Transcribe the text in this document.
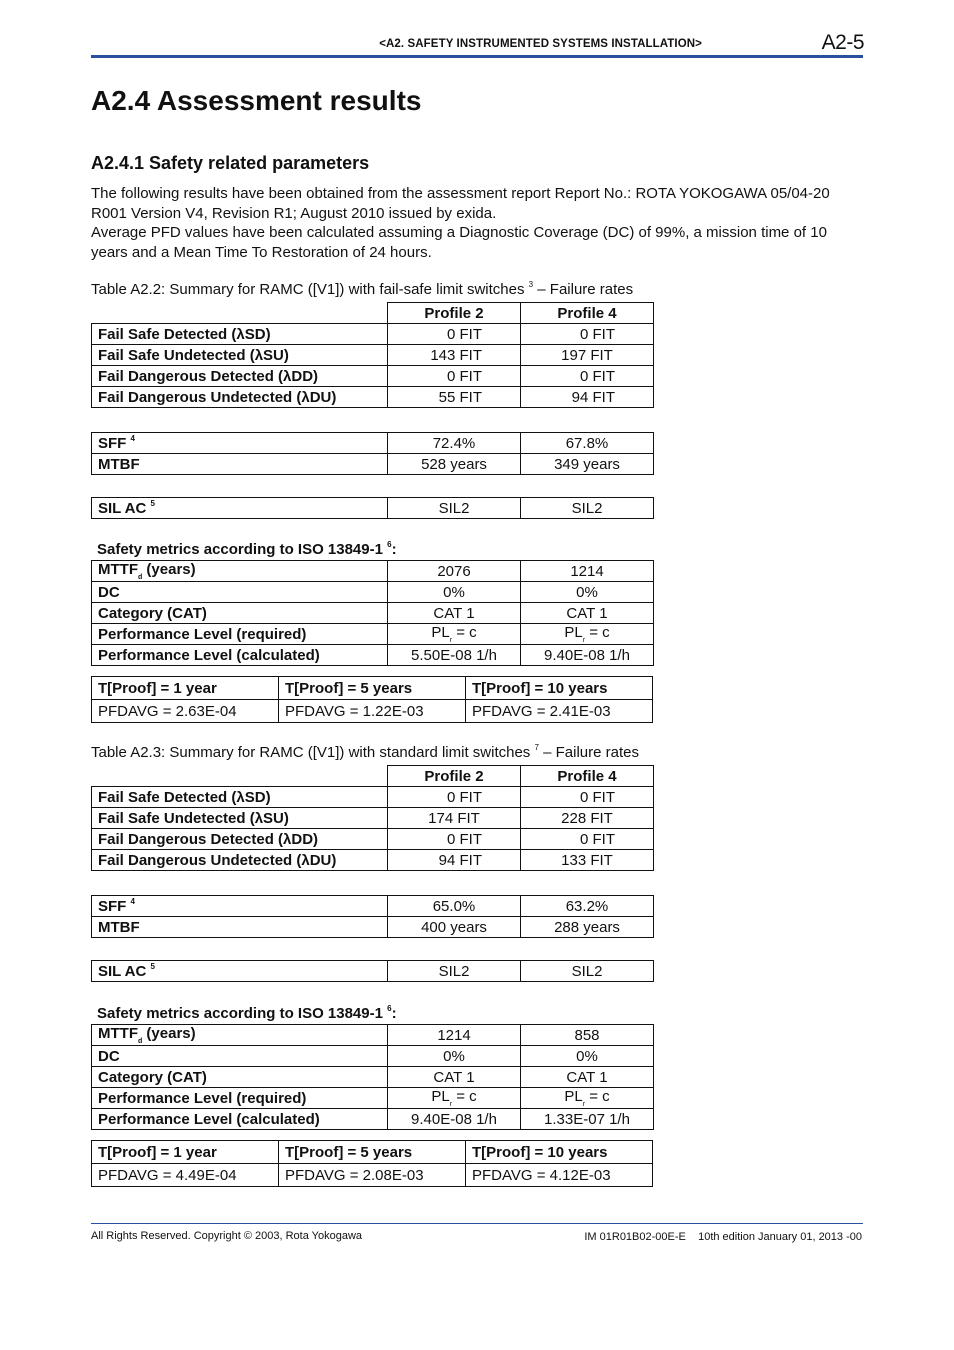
<A2. SAFETY INSTRUMENTED SYSTEMS INSTALLATION>	A2-5
A2.4 Assessment results
A2.4.1 Safety related parameters
The following results have been obtained from the assessment report Report No.: ROTA YOKOGAWA 05/04-20 R001 Version V4, Revision R1; August 2010 issued by exida.
Average PFD values have been calculated assuming a Diagnostic Coverage (DC) of 99%, a mission time of 10 years and a Mean Time To Restoration of 24 hours.
Table A2.2: Summary for RAMC ([V1]) with fail-safe limit switches $^3$ – Failure rates
	Profile 2	Profile 4
Fail Safe Detected (λSD)	0 FIT	0 FIT
Fail Safe Undetected (λSU)	143 FIT	197 FIT
Fail Dangerous Detected (λDD)	0 FIT	0 FIT
Fail Dangerous Undetected (λDU)	55 FIT	94 FIT
SFF $^4$	72.4%	67.8%
MTBF	528 years	349 years
SIL AC $^5$	SIL2	SIL2
Safety metrics according to ISO 13849-1 $^6$:
$MTTF_d$ (years)	2076	1214
DC	0%	0%
Category (CAT)	CAT 1	CAT 1
Performance Level (required)	$PL_r = c$	$PL_r = c$
Performance Level (calculated)	5.50E-08 1/h	9.40E-08 1/h
T[Proof] = 1 year	T[Proof] = 5 years	T[Proof] = 10 years
PFDAVG = 2.63E-04	PFDAVG = 1.22E-03	PFDAVG = 2.41E-03
Table A2.3: Summary for RAMC ([V1]) with standard limit switches $^7$ – Failure rates
	Profile 2	Profile 4
Fail Safe Detected (λSD)	0 FIT	0 FIT
Fail Safe Undetected (λSU)	174 FIT	228 FIT
Fail Dangerous Detected (λDD)	0 FIT	0 FIT
Fail Dangerous Undetected (λDU)	94 FIT	133 FIT
SFF $^4$	65.0%	63.2%
MTBF	400 years	288 years
SIL AC $^5$	SIL2	SIL2
Safety metrics according to ISO 13849-1 $^6$:
$MTTF_d$ (years)	1214	858
DC	0%	0%
Category (CAT)	CAT 1	CAT 1
Performance Level (required)	$PL_r = c$	$PL_r = c$
Performance Level (calculated)	9.40E-08 1/h	1.33E-07 1/h
T[Proof] = 1 year	T[Proof] = 5 years	T[Proof] = 10 years
PFDAVG = 4.49E-04	PFDAVG = 2.08E-03	PFDAVG = 4.12E-03
All Rights Reserved. Copyright © 2003, Rota Yokogawa	IM 01R01B02-00E-E 10th edition January 01, 2013 -00
